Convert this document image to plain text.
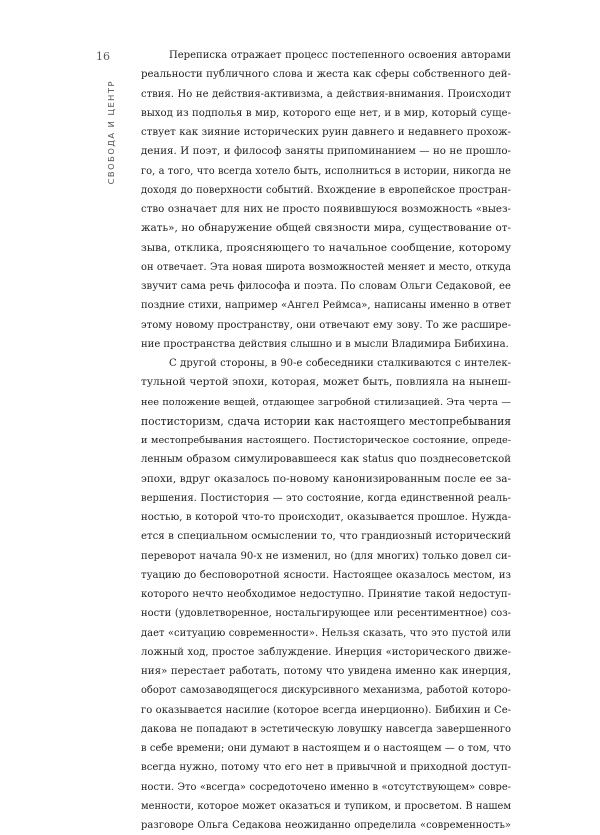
16
СВОБОДА И ЦЕНТР
Переписка отражает процесс постепенного освоения авторами
реальности публичного слова и жеста как сферы собственного дей-
ствия. Но не действия-активизма, а действия-внимания. Происходит
выход из подполья в мир, которого еще нет, и в мир, который суще-
ствует как зияние исторических руин давнего и недавнего прохож-
дения. И поэт, и философ заняты припоминанием — но не прошло-
го, а того, что всегда хотело быть, исполниться в истории, никогда не
доходя до поверхности событий. Вхождение в европейское простран-
ство означает для них не просто появившуюся возможность «выез-
жать», но обнаружение общей связности мира, существование от-
зыва, отклика, проясняющего то начальное сообщение, которому
он отвечает. Эта новая широта возможностей меняет и место, откуда
звучит сама речь философа и поэта. По словам Ольги Седаковой, ее
поздние стихи, например «Ангел Реймса», написаны именно в ответ
этому новому пространству, они отвечают ему зову. То же расшире-
ние пространства действия слышно и в мысли Владимира Бибихина.
С другой стороны, в 90-е собеседники сталкиваются с интелек-
тульной чертой эпохи, которая, может быть, повлияла на нынеш-
нее положение вещей, отдающее загробной стилизацией. Эта черта —
постисторизм, сдача истории как настоящего местопребывания
и местопребывания настоящего. Постисторическое состояние, опреде-
ленным образом симулировавшееся как status quo позднесоветской
эпохи, вдруг оказалось по-новому канонизированным после ее за-
вершения. Постистория — это состояние, когда единственной реаль-
ностью, в которой что-то происходит, оказывается прошлое. Нужда-
ется в специальном осмыслении то, что грандиозный исторический
переворот начала 90-х не изменил, но (для многих) только довел си-
туацию до бесповоротной ясности. Настоящее оказалось местом, из
которого нечто необходимое недоступно. Принятие такой недоступ-
ности (удовлетворенное, ностальгирующее или ресентиментное) соз-
дает «ситуацию современности». Нельзя сказать, что это пустой или
ложный ход, простое заблуждение. Инерция «исторического движе-
ния» перестает работать, потому что увидена именно как инерция,
оборот самозаводящегося дискурсивного механизма, работой которо-
го оказывается насилие (которое всегда инерционно). Бибихин и Се-
дакова не попадают в эстетическую ловушку навсегда завершенного
в себе времени; они думают в настоящем и о настоящем — о том, что
всегда нужно, потому что его нет в привычной и приходной доступ-
ности. Это «всегда» сосредоточено именно в «отсутствующем» совре-
менности, которое может оказаться и тупиком, и просветом. В нашем
разговоре Ольга Седакова неожиданно определила «современность»
